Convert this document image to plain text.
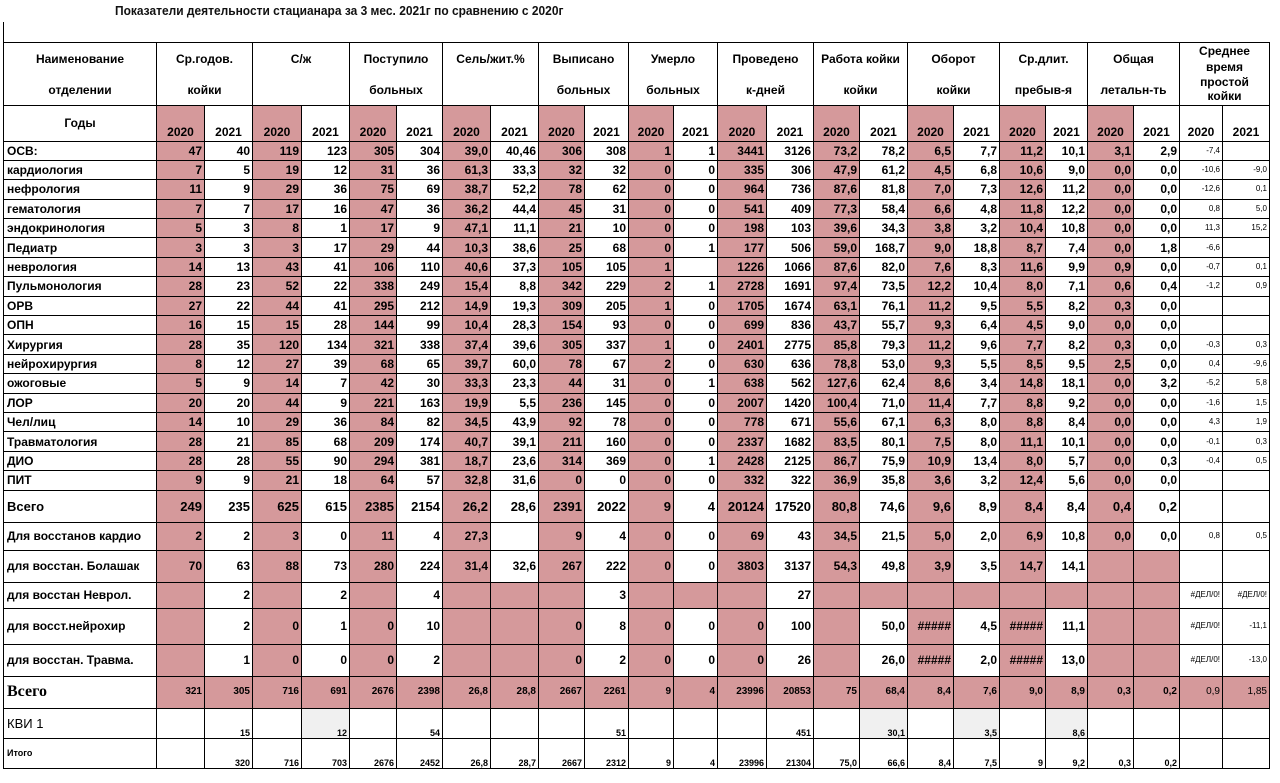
Показатели деятельности стацианара за 3 мес. 2021г по сравнению с 2020г
Наименование	Ср.годов.		С/ж		Поступило		Сель/жит.%		Выписано		Умерло		Проведено		Работа койки		Оборот		Ср.длит.		Общая		Среднее время	
отделении	койки				больных				больных		больных		к-дней		койки		койки		пребыв-я		летальн-ть		простой койки	
Годы	2020	2021	2020	2021	2020	2021	2020	2021	2020	2021	2020	2021	2020	2021	2020	2021	2020	2021	2020	2021	2020	2021	2020	2021
ОСВ:	47	40	119	123	305	304	39,0	40,46	306	308	1	1	3441	3126	73,2	78,2	6,5	7,7	11,2	10,1	3,1	2,9	-7,4	
кардиология	7	5	19	12	31	36	61,3	33,3	32	32	0	0	335	306	47,9	61,2	4,5	6,8	10,6	9,0	0,0	0,0	-10,6	-9,0
нефрология	11	9	29	36	75	69	38,7	52,2	78	62	0	0	964	736	87,6	81,8	7,0	7,3	12,6	11,2	0,0	0,0	-12,6	0,1
гематология	7	7	17	16	47	36	36,2	44,4	45	31	0	0	541	409	77,3	58,4	6,6	4,8	11,8	12,2	0,0	0,0	0,8	5,0
эндокринология	5	3	8	1	17	9	47,1	11,1	21	10	0	0	198	103	39,6	34,3	3,8	3,2	10,4	10,8	0,0	0,0	11,3	15,2
Педиатр	3	3	3	17	29	44	10,3	38,6	25	68	0	1	177	506	59,0	168,7	9,0	18,8	8,7	7,4	0,0	1,8	-6,6	
неврология	14	13	43	41	106	110	40,6	37,3	105	105	1		1226	1066	87,6	82,0	7,6	8,3	11,6	9,9	0,9	0,0	-0,7	0,1
Пульмонология	28	23	52	22	338	249	15,4	8,8	342	229	2	1	2728	1691	97,4	73,5	12,2	10,4	8,0	7,1	0,6	0,4	-1,2	0,9
ОРВ	27	22	44	41	295	212	14,9	19,3	309	205	1	0	1705	1674	63,1	76,1	11,2	9,5	5,5	8,2	0,3	0,0		
ОПН	16	15	15	28	144	99	10,4	28,3	154	93	0	0	699	836	43,7	55,7	9,3	6,4	4,5	9,0	0,0	0,0		
Хирургия	28	35	120	134	321	338	37,4	39,6	305	337	1	0	2401	2775	85,8	79,3	11,2	9,6	7,7	8,2	0,3	0,0	-0,3	0,3
нейрохирургия	8	12	27	39	68	65	39,7	60,0	78	67	2	0	630	636	78,8	53,0	9,3	5,5	8,5	9,5	2,5	0,0	0,4	-9,6
ожоговые	5	9	14	7	42	30	33,3	23,3	44	31	0	1	638	562	127,6	62,4	8,6	3,4	14,8	18,1	0,0	3,2	-5,2	5,8
ЛОР	20	20	44	9	221	163	19,9	5,5	236	145	0	0	2007	1420	100,4	71,0	11,4	7,7	8,8	9,2	0,0	0,0	-1,6	1,5
Чел/лиц	14	10	29	36	84	82	34,5	43,9	92	78	0	0	778	671	55,6	67,1	6,3	8,0	8,8	8,4	0,0	0,0	4,3	1,9
Травматология	28	21	85	68	209	174	40,7	39,1	211	160	0	0	2337	1682	83,5	80,1	7,5	8,0	11,1	10,1	0,0	0,0	-0,1	0,3
ДИО	28	28	55	90	294	381	18,7	23,6	314	369	0	1	2428	2125	86,7	75,9	10,9	13,4	8,0	5,7	0,0	0,3	-0,4	0,5
ПИТ	9	9	21	18	64	57	32,8	31,6	0	0	0	0	332	322	36,9	35,8	3,6	3,2	12,4	5,6	0,0	0,0		
Всего	249	235	625	615	2385	2154	26,2	28,6	2391	2022	9	4	20124	17520	80,8	74,6	9,6	8,9	8,4	8,4	0,4	0,2		
Для восстанов кардио	2	2	3	0	11	4	27,3		9	4	0	0	69	43	34,5	21,5	5,0	2,0	6,9	10,8	0,0	0,0	0,8	0,5
для восстан. Болашак	70	63	88	73	280	224	31,4	32,6	267	222	0	0	3803	3137	54,3	49,8	3,9	3,5	14,7	14,1				
для восстан Неврол.		2		2		4				3				27									#ДЕЛ/0!	#ДЕЛ/0!
для восст.нейрохир		2	0	1	0	10			0	8	0	0	0	100		50,0	#####	4,5	#####	11,1			#ДЕЛ/0!	-11,1
для восстан. Травма.		1	0	0	0	2			0	2	0	0	0	26		26,0	#####	2,0	#####	13,0			#ДЕЛ/0!	-13,0
Всего	321	305	716	691	2676	2398	26,8	28,8	2667	2261	9	4	23996	20853	75	68,4	8,4	7,6	9,0	8,9	0,3	0,2	0,9	1,85
КВИ 1		15		12		54				51				451		30,1		3,5		8,6				
Итого		320	716	703	2676	2452	26,8	28,7	2667	2312	9	4	23996	21304	75,0	66,6	8,4	7,5	9	9,2	0,3	0,2		
